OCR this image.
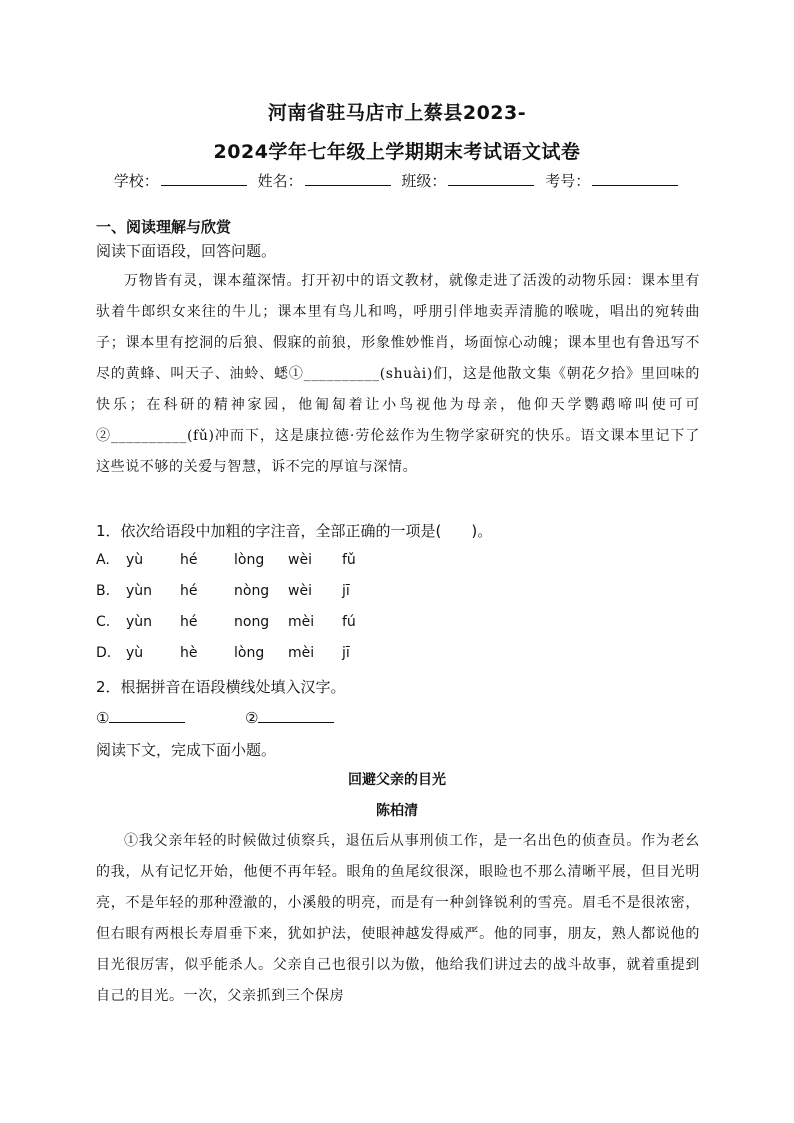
河南省驻马店市上蔡县2023-
2024学年七年级上学期期末考试语文试卷
学校：	姓名：	班级：	考号：
一、阅读理解与欣赏
阅读下面语段，回答问题。

万物皆有灵，课本蕴深情。打开初中的语文教材，就像走进了活泼的动物乐园：课本里有驮着牛郎织女来往的牛儿；课本里有鸟儿和鸣，呼朋引伴地卖弄清脆的喉咙，唱出的宛转曲子；课本里有挖洞的后狼、假寐的前狼，形象惟妙惟肖，场面惊心动魄；课本里也有鲁迅写不尽的黄蜂、叫天子、油蛉、蟋①__________(shuài)们，这是他散文集《朝花夕拾》里回味的快乐；在科研的精神家园，他匍匐着让小鸟视他为母亲，他仰天学鹦鹉啼叫使可可②__________(fǔ)冲而下，这是康拉德·劳伦兹作为生物学家研究的快乐。语文课本里记下了这些说不够的关爱与智慧，诉不完的厚谊与深情。

1．依次给语段中加粗的字注音，全部正确的一项是(　　)。
A. yù	hé	lòng wèi fǔ
B. yùn hé	nòng wèi jī
C. yùn hé	nong mèi fú
D. yù	hè	lòng mèi jī
2．根据拼音在语段横线处填入汉字。
①	②
阅读下文，完成下面小题。
回避父亲的目光
陈柏清

①我父亲年轻的时候做过侦察兵，退伍后从事刑侦工作，是一名出色的侦查员。作为老幺的我，从有记忆开始，他便不再年轻。眼角的鱼尾纹很深，眼睑也不那么清晰平展，但目光明亮，不是年轻的那种澄澈的，小溪般的明亮，而是有一种剑锋锐利的雪亮。眉毛不是很浓密，但右眼有两根长寿眉垂下来，犹如护法，使眼神越发得威严。他的同事，朋友，熟人都说他的目光很厉害，似乎能杀人。父亲自己也很引以为傲，他给我们讲过去的战斗故事，就着重提到自己的目光。一次，父亲抓到三个保房
